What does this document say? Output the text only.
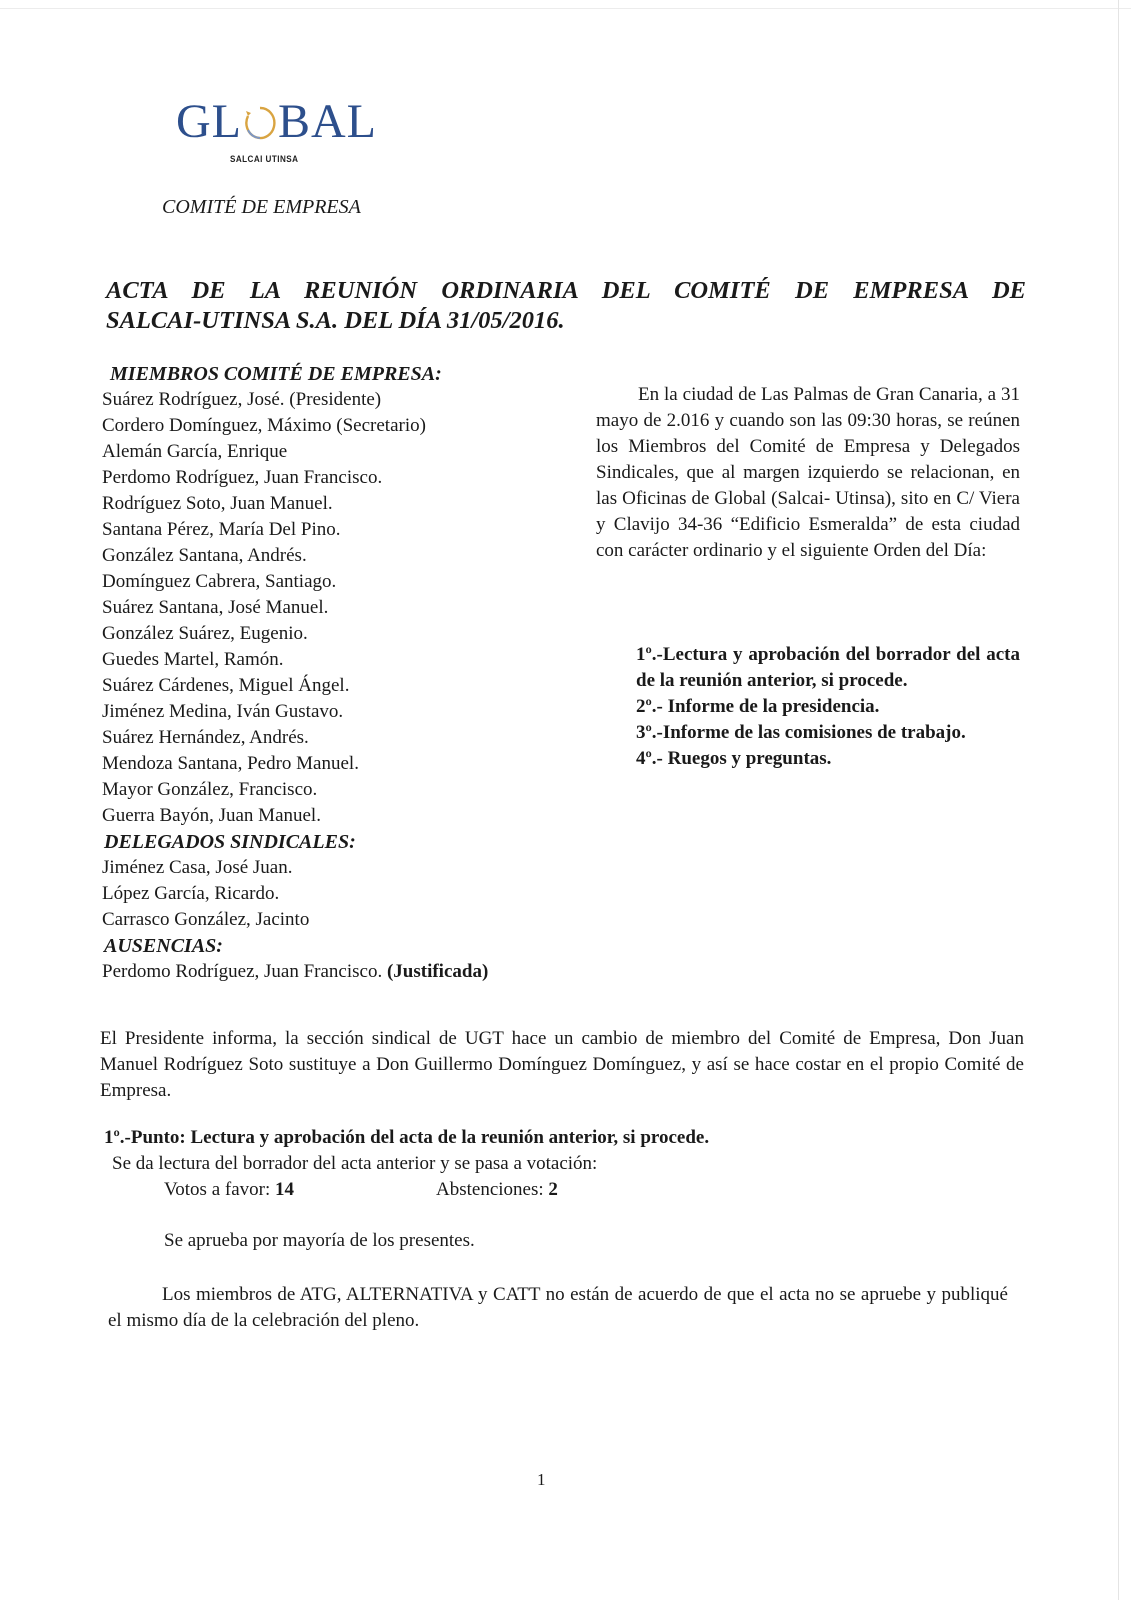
GL BAL
SALCAI UTINSA
COMITÉ DE EMPRESA
ACTA DE LA REUNIÓN ORDINARIA DEL COMITÉ DE EMPRESA DE
SALCAI-UTINSA S.A. DEL DÍA 31/05/2016.
MIEMBROS COMITÉ DE EMPRESA:
Suárez Rodríguez, José. (Presidente)
Cordero Domínguez, Máximo (Secretario)
Alemán García, Enrique
Perdomo Rodríguez, Juan Francisco.
Rodríguez Soto, Juan Manuel.
Santana Pérez, María Del Pino.
González Santana, Andrés.
Domínguez Cabrera, Santiago.
Suárez Santana, José Manuel.
González Suárez, Eugenio.
Guedes Martel, Ramón.
Suárez Cárdenes, Miguel Ángel.
Jiménez Medina, Iván Gustavo.
Suárez Hernández, Andrés.
Mendoza Santana, Pedro Manuel.
Mayor González, Francisco.
Guerra Bayón, Juan Manuel.
DELEGADOS SINDICALES:
Jiménez Casa, José Juan.
López García, Ricardo.
Carrasco González, Jacinto
AUSENCIAS:
Perdomo Rodríguez, Juan Francisco. (Justificada)

En la ciudad de Las Palmas de Gran Canaria, a 31 mayo de 2.016 y cuando son las 09:30 horas, se reúnen los Miembros del Comité de Empresa y Delegados Sindicales, que al margen izquierdo se relacionan, en las Oficinas de Global (Salcai- Utinsa), sito en C/ Viera y Clavijo 34-36 “Edificio Esmeralda” de esta ciudad con carácter ordinario y el siguiente Orden del Día:

1º.-Lectura y aprobación del borrador del acta de la reunión anterior, si procede.
2º.- Informe de la presidencia.
3º.-Informe de las comisiones de trabajo.
4º.- Ruegos y preguntas.
El Presidente informa, la sección sindical de UGT hace un cambio de miembro del Comité de Empresa, Don Juan Manuel Rodríguez Soto sustituye a Don Guillermo Domínguez Domínguez, y así se hace costar en el propio Comité de Empresa.
1º.-Punto: Lectura y aprobación del acta de la reunión anterior, si procede.
Se da lectura del borrador del acta anterior y se pasa a votación:
Votos a favor: 14	Abstenciones: 2
Se aprueba por mayoría de los presentes.
Los miembros de ATG, ALTERNATIVA y CATT no están de acuerdo de que el acta no se apruebe y publiqué el mismo día de la celebración del pleno.
1
